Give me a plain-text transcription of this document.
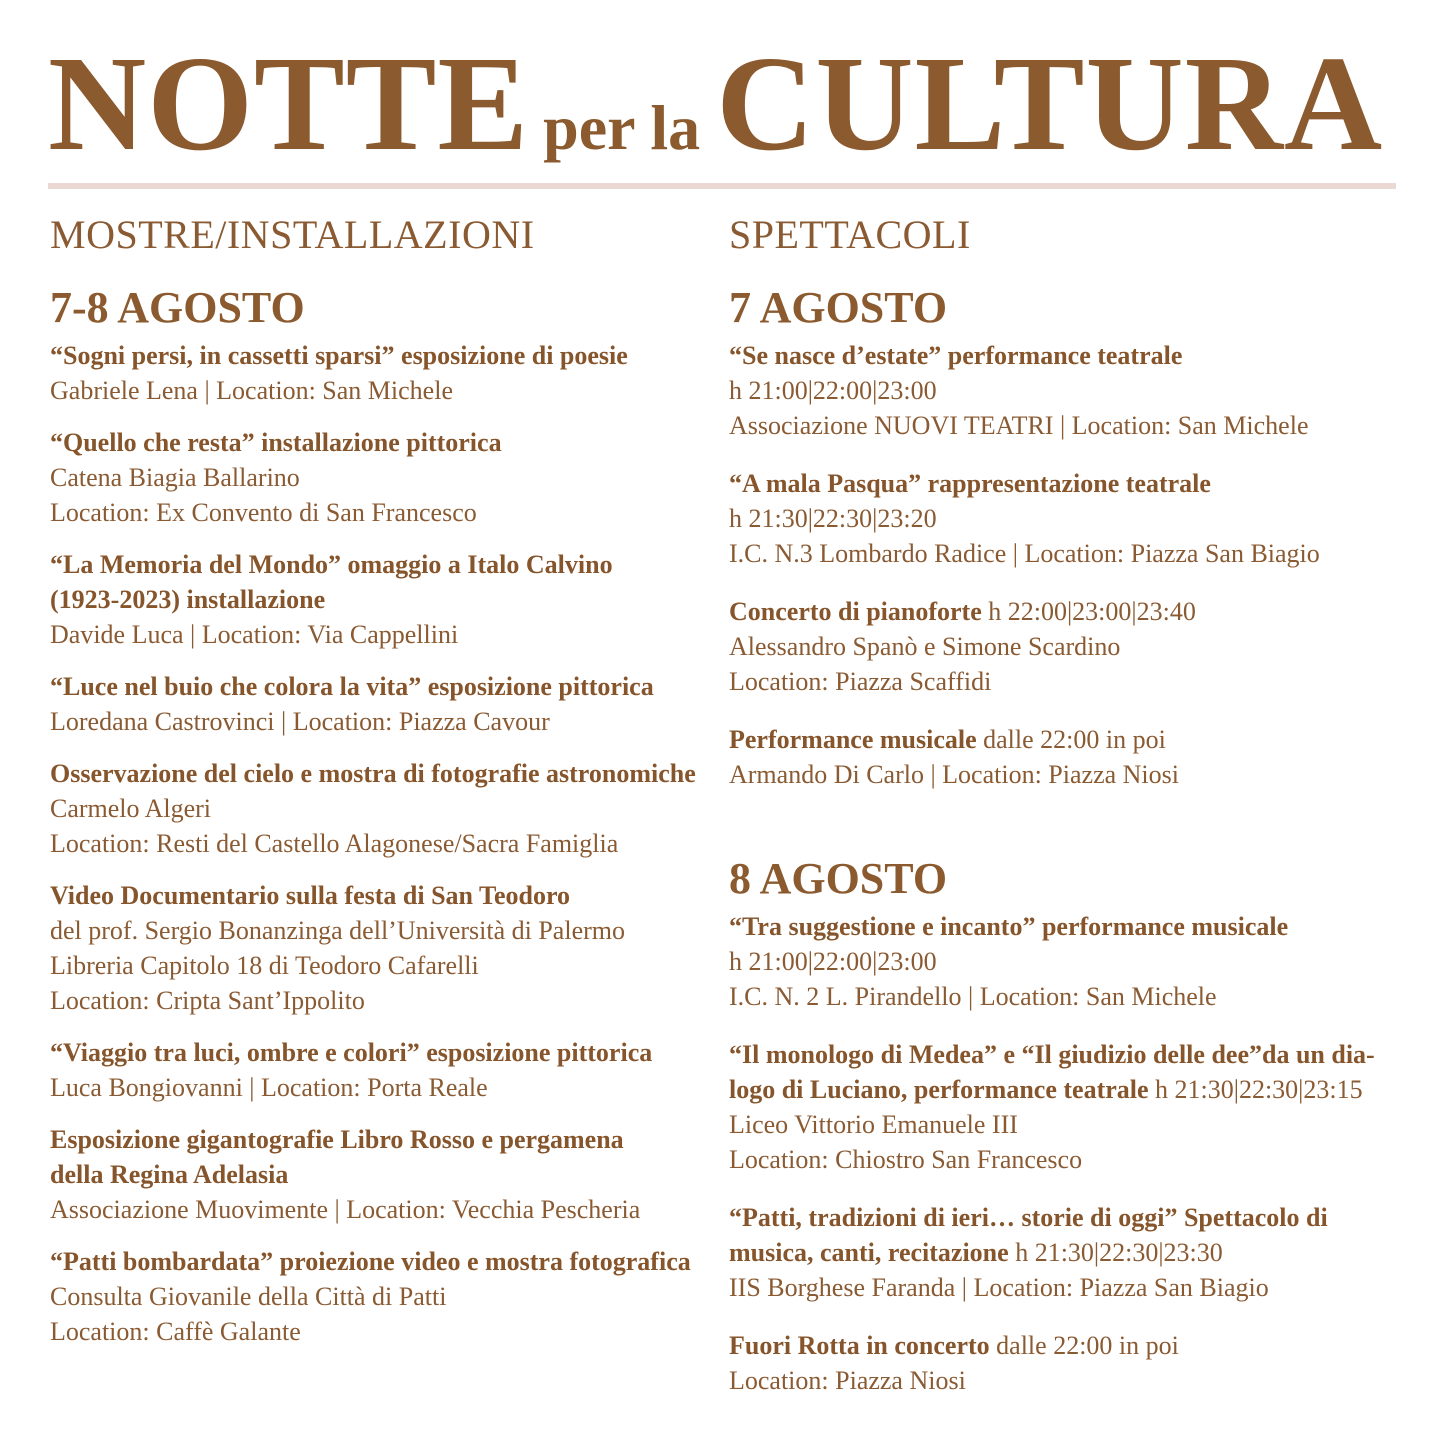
NOTTE per la CULTURA
MOSTRE/INSTALLAZIONI
7-8 AGOSTO
“Sogni persi, in cassetti sparsi” esposizione di poesie
Gabriele Lena | Location: San Michele
“Quello che resta” installazione pittorica
Catena Biagia Ballarino
Location: Ex Convento di San Francesco
“La Memoria del Mondo” omaggio a Italo Calvino (1923-2023) installazione
Davide Luca | Location: Via Cappellini
“Luce nel buio che colora la vita” esposizione pittorica
Loredana Castrovinci | Location: Piazza Cavour
Osservazione del cielo e mostra di fotografie astronomiche
Carmelo Algeri
Location: Resti del Castello Alagonese/Sacra Famiglia
Video Documentario sulla festa di San Teodoro
del prof. Sergio Bonanzinga dell’Università di Palermo
Libreria Capitolo 18 di Teodoro Cafarelli
Location: Cripta Sant’Ippolito
“Viaggio tra luci, ombre e colori” esposizione pittorica
Luca Bongiovanni | Location: Porta Reale
Esposizione gigantografie Libro Rosso e pergamena della Regina Adelasia
Associazione Muovimente | Location: Vecchia Pescheria
“Patti bombardata” proiezione video e mostra fotografica
Consulta Giovanile della Città di Patti
Location: Caffè Galante
SPETTACOLI
7 AGOSTO
“Se nasce d’estate” performance teatrale
h 21:00|22:00|23:00
Associazione NUOVI TEATRI | Location: San Michele
“A mala Pasqua” rappresentazione teatrale
h 21:30|22:30|23:20
I.C. N.3 Lombardo Radice | Location: Piazza San Biagio
Concerto di pianoforte h 22:00|23:00|23:40
Alessandro Spanò e Simone Scardino
Location: Piazza Scaffidi
Performance musicale dalle 22:00 in poi
Armando Di Carlo | Location: Piazza Niosi
8 AGOSTO
“Tra suggestione e incanto” performance musicale
h 21:00|22:00|23:00
I.C. N. 2 L. Pirandello | Location: San Michele
“Il monologo di Medea” e “Il giudizio delle dee”da un dia-
logo di Luciano, performance teatrale h 21:30|22:30|23:15
Liceo Vittorio Emanuele III
Location: Chiostro San Francesco
“Patti, tradizioni di ieri… storie di oggi” Spettacolo di
musica, canti, recitazione h 21:30|22:30|23:30
IIS Borghese Faranda | Location: Piazza San Biagio
Fuori Rotta in concerto dalle 22:00 in poi
Location: Piazza Niosi
